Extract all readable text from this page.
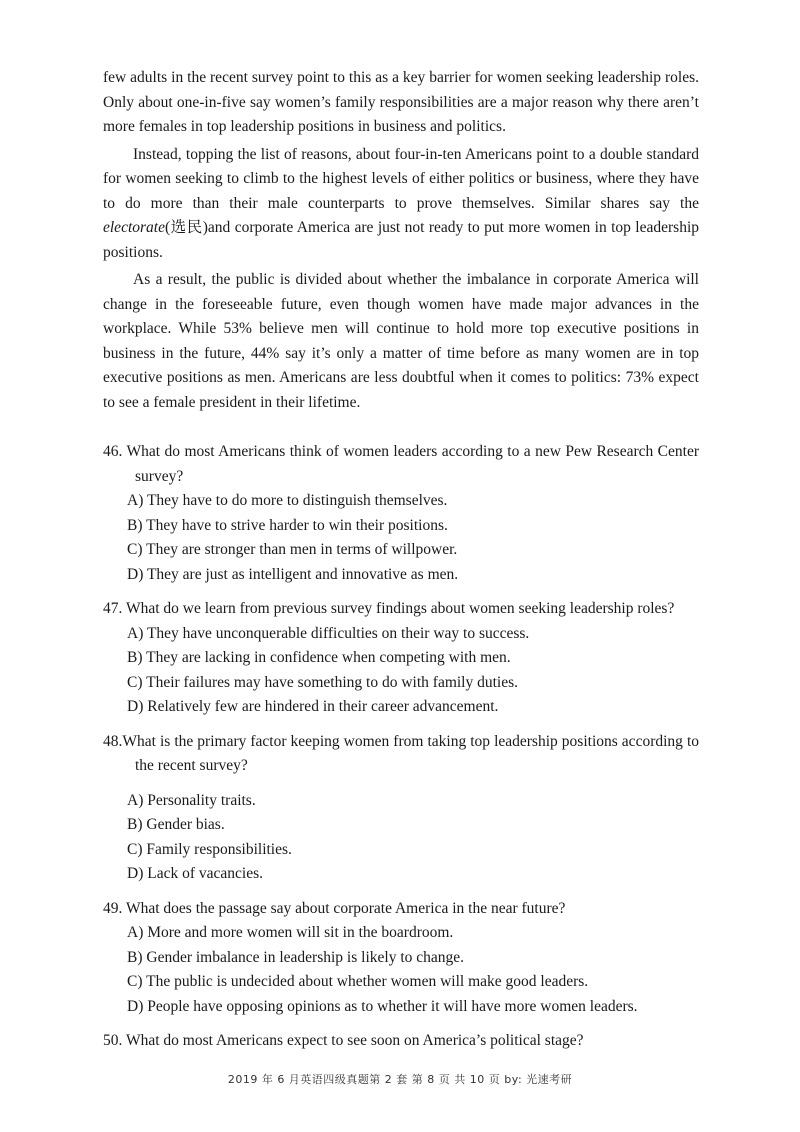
few adults in the recent survey point to this as a key barrier for women seeking leadership roles. Only about one-in-five say women’s family responsibilities are a major reason why there aren’t more females in top leadership positions in business and politics.

Instead, topping the list of reasons, about four-in-ten Americans point to a double standard for women seeking to climb to the highest levels of either politics or business, where they have to do more than their male counterparts to prove themselves. Similar shares say the electorate(选民)and corporate America are just not ready to put more women in top leadership positions.

As a result, the public is divided about whether the imbalance in corporate America will change in the foreseeable future, even though women have made major advances in the workplace. While 53% believe men will continue to hold more top executive positions in business in the future, 44% say it’s only a matter of time before as many women are in top executive positions as men. Americans are less doubtful when it comes to politics: 73% expect to see a female president in their lifetime.

46. What do most Americans think of women leaders according to a new Pew Research Center survey?
A) They have to do more to distinguish themselves.
B) They have to strive harder to win their positions.
C) They are stronger than men in terms of willpower.
D) They are just as intelligent and innovative as men.
47. What do we learn from previous survey findings about women seeking leadership roles?
A) They have unconquerable difficulties on their way to success.
B) They are lacking in confidence when competing with men.
C) Their failures may have something to do with family duties.
D) Relatively few are hindered in their career advancement.
48.What is the primary factor keeping women from taking top leadership positions according to the recent survey?
A) Personality traits.
B) Gender bias.
C) Family responsibilities.
D) Lack of vacancies.
49. What does the passage say about corporate America in the near future?
A) More and more women will sit in the boardroom.
B) Gender imbalance in leadership is likely to change.
C) The public is undecided about whether women will make good leaders.
D) People have opposing opinions as to whether it will have more women leaders.
50. What do most Americans expect to see soon on America’s political stage?
2019 年 6 月英语四级真题第 2 套 第 8 页 共 10 页 by: 光速考研
